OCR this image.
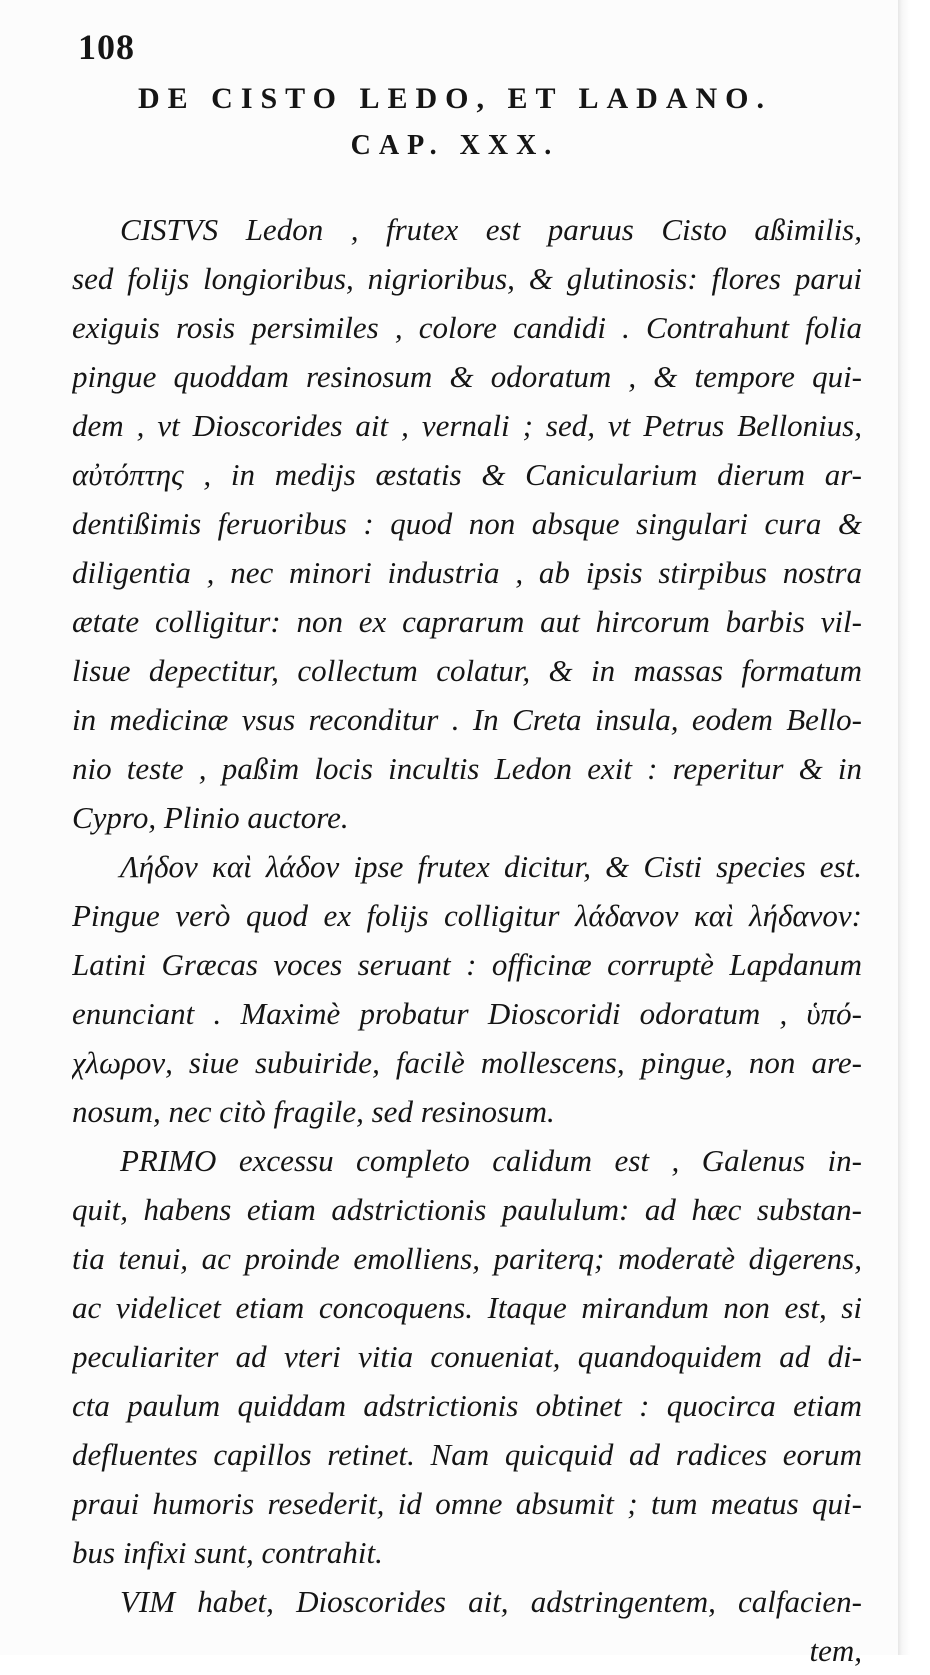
108
DE CISTO LEDO, ET LADANO.
CAP. XXX.
CISTVS Ledon , frutex est paruus Cisto aßimilis,
sed folijs longioribus, nigrioribus, & glutinosis: flores parui
exiguis rosis persimiles , colore candidi . Contrahunt folia
pingue quoddam resinosum & odoratum , & tempore qui-
dem , vt Dioscorides ait , vernali ; sed, vt Petrus Bellonius,
αὐτόπτης , in medijs æstatis & Canicularium dierum ar-
dentißimis feruoribus : quod non absque singulari cura &
diligentia , nec minori industria , ab ipsis stirpibus nostra
ætate colligitur: non ex caprarum aut hircorum barbis vil-
lisue depectitur, collectum colatur, & in massas formatum
in medicinæ vsus reconditur . In Creta insula, eodem Bello-
nio teste , paßim locis incultis Ledon exit : reperitur & in
Cypro, Plinio auctore.
Λήδον καὶ λάδον ipse frutex dicitur, & Cisti species est.
Pingue verò quod ex folijs colligitur λάδανον καὶ λήδανον:
Latini Græcas voces seruant : officinæ corruptè Lapdanum
enunciant . Maximè probatur Dioscoridi odoratum , ὑπό-
χλωρον, siue subuiride, facilè mollescens, pingue, non are-
nosum, nec citò fragile, sed resinosum.
PRIMO excessu completo calidum est , Galenus in-
quit, habens etiam adstrictionis paululum: ad hæc substan-
tia tenui, ac proinde emolliens, pariterq; moderatè digerens,
ac videlicet etiam concoquens. Itaque mirandum non est, si
peculiariter ad vteri vitia conueniat, quandoquidem ad di-
cta paulum quiddam adstrictionis obtinet : quocirca etiam
defluentes capillos retinet. Nam quicquid ad radices eorum
praui humoris resederit, id omne absumit ; tum meatus qui-
bus infixi sunt, contrahit.
VIM habet, Dioscorides ait, adstringentem, calfacien-
tem,
